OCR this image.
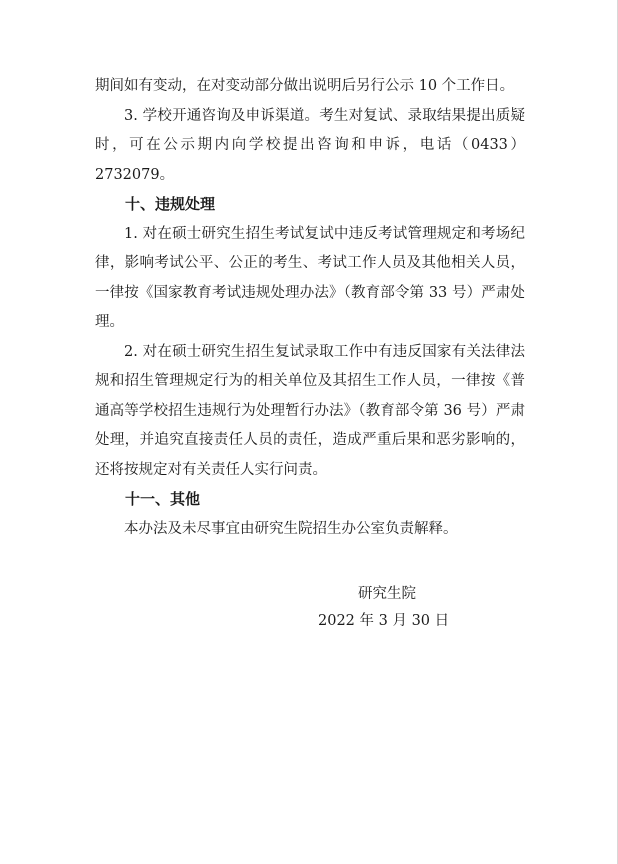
期间如有变动，在对变动部分做出说明后另行公示 10 个工作日。

3. 学校开通咨询及申诉渠道。考生对复试、录取结果提出质疑时，可在公示期内向学校提出咨询和申诉，电话（0433）2732079。

十、违规处理

1. 对在硕士研究生招生考试复试中违反考试管理规定和考场纪律，影响考试公平、公正的考生、考试工作人员及其他相关人员，一律按《国家教育考试违规处理办法》（教育部令第 33 号）严肃处理。

2. 对在硕士研究生招生复试录取工作中有违反国家有关法律法规和招生管理规定行为的相关单位及其招生工作人员，一律按《普通高等学校招生违规行为处理暂行办法》（教育部令第 36 号）严肃处理，并追究直接责任人员的责任，造成严重后果和恶劣影响的，还将按规定对有关责任人实行问责。

十一、其他

本办法及未尽事宜由研究生院招生办公室负责解释。

研究生院
2022 年 3 月 30 日
